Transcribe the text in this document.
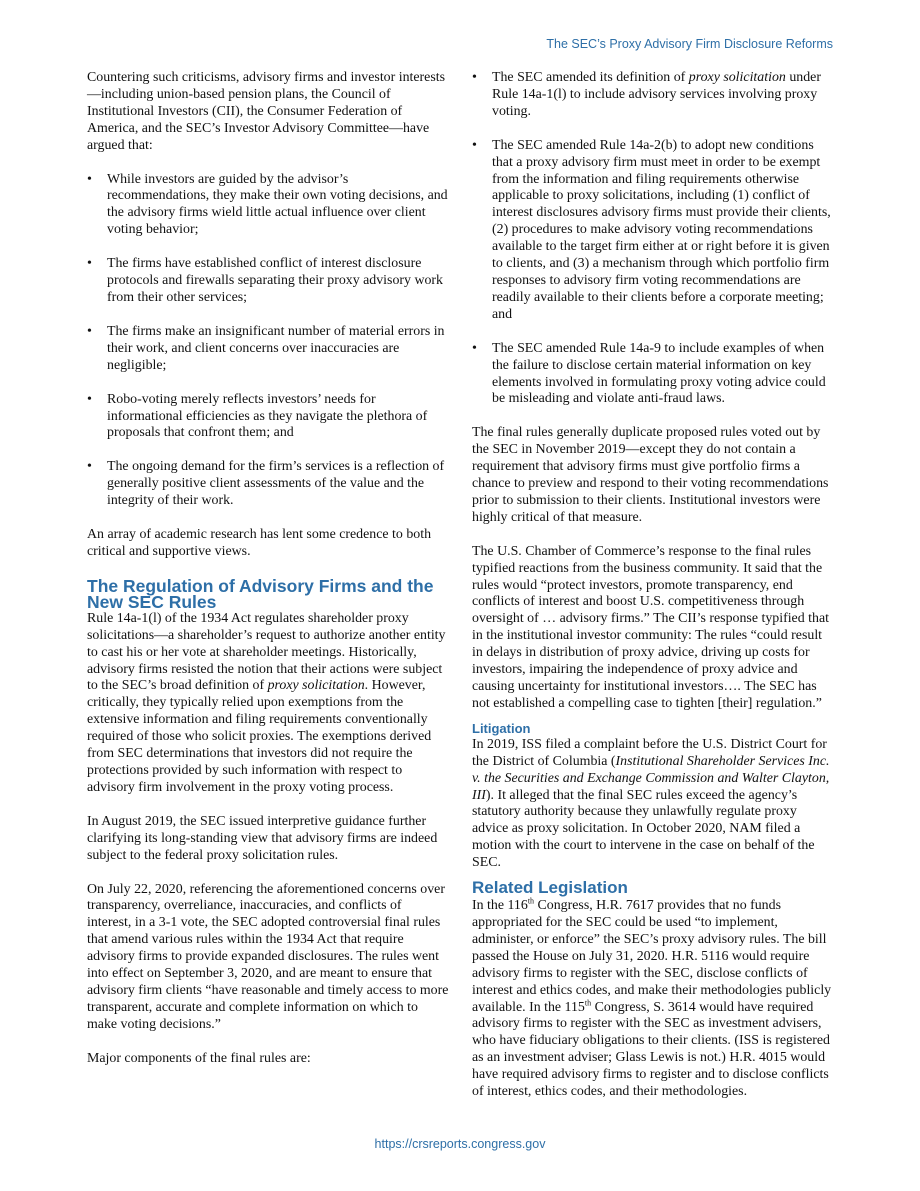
The SEC’s Proxy Advisory Firm Disclosure Reforms

Countering such criticisms, advisory firms and investor interests—including union-based pension plans, the Council of Institutional Investors (CII), the Consumer Federation of America, and the SEC’s Investor Advisory Committee—have argued that:

• While investors are guided by the advisor’s recommendations, they make their own voting decisions, and the advisory firms wield little actual influence over client voting behavior;
• The firms have established conflict of interest disclosure protocols and firewalls separating their proxy advisory work from their other services;
• The firms make an insignificant number of material errors in their work, and client concerns over inaccuracies are negligible;
• Robo-voting merely reflects investors’ needs for informational efficiencies as they navigate the plethora of proposals that confront them; and
• The ongoing demand for the firm’s services is a reflection of generally positive client assessments of the value and the integrity of their work.

An array of academic research has lent some credence to both critical and supportive views.

The Regulation of Advisory Firms and the New SEC Rules

Rule 14a-1(l) of the 1934 Act regulates shareholder proxy solicitations—a shareholder’s request to authorize another entity to cast his or her vote at shareholder meetings. Historically, advisory firms resisted the notion that their actions were subject to the SEC’s broad definition of proxy solicitation. However, critically, they typically relied upon exemptions from the extensive information and filing requirements conventionally required of those who solicit proxies. The exemptions derived from SEC determinations that investors did not require the protections provided by such information with respect to advisory firm involvement in the proxy voting process.

In August 2019, the SEC issued interpretive guidance further clarifying its long-standing view that advisory firms are indeed subject to the federal proxy solicitation rules.

On July 22, 2020, referencing the aforementioned concerns over transparency, overreliance, inaccuracies, and conflicts of interest, in a 3-1 vote, the SEC adopted controversial final rules that amend various rules within the 1934 Act that require advisory firms to provide expanded disclosures. The rules went into effect on September 3, 2020, and are meant to ensure that advisory firm clients “have reasonable and timely access to more transparent, accurate and complete information on which to make voting decisions.”

Major components of the final rules are:

• The SEC amended its definition of proxy solicitation under Rule 14a-1(l) to include advisory services involving proxy voting.
• The SEC amended Rule 14a-2(b) to adopt new conditions that a proxy advisory firm must meet in order to be exempt from the information and filing requirements otherwise applicable to proxy solicitations, including (1) conflict of interest disclosures advisory firms must provide their clients, (2) procedures to make advisory voting recommendations available to the target firm either at or right before it is given to clients, and (3) a mechanism through which portfolio firm responses to advisory firm voting recommendations are readily available to their clients before a corporate meeting; and
• The SEC amended Rule 14a-9 to include examples of when the failure to disclose certain material information on key elements involved in formulating proxy voting advice could be misleading and violate anti-fraud laws.

The final rules generally duplicate proposed rules voted out by the SEC in November 2019—except they do not contain a requirement that advisory firms must give portfolio firms a chance to preview and respond to their voting recommendations prior to submission to their clients. Institutional investors were highly critical of that measure.

The U.S. Chamber of Commerce’s response to the final rules typified reactions from the business community. It said that the rules would “protect investors, promote transparency, end conflicts of interest and boost U.S. competitiveness through oversight of … advisory firms.” The CII’s response typified that in the institutional investor community: The rules “could result in delays in distribution of proxy advice, driving up costs for investors, impairing the independence of proxy advice and causing uncertainty for institutional investors…. The SEC has not established a compelling case to tighten [their] regulation.”

Litigation

In 2019, ISS filed a complaint before the U.S. District Court for the District of Columbia (Institutional Shareholder Services Inc. v. the Securities and Exchange Commission and Walter Clayton, III). It alleged that the final SEC rules exceed the agency’s statutory authority because they unlawfully regulate proxy advice as proxy solicitation. In October 2020, NAM filed a motion with the court to intervene in the case on behalf of the SEC.

Related Legislation

In the 116th Congress, H.R. 7617 provides that no funds appropriated for the SEC could be used “to implement, administer, or enforce” the SEC’s proxy advisory rules. The bill passed the House on July 31, 2020. H.R. 5116 would require advisory firms to register with the SEC, disclose conflicts of interest and ethics codes, and make their methodologies publicly available. In the 115th Congress, S. 3614 would have required advisory firms to register with the SEC as investment advisers, who have fiduciary obligations to their clients. (ISS is registered as an investment adviser; Glass Lewis is not.) H.R. 4015 would have required advisory firms to register and to disclose conflicts of interest, ethics codes, and their methodologies.

https://crsreports.congress.gov
